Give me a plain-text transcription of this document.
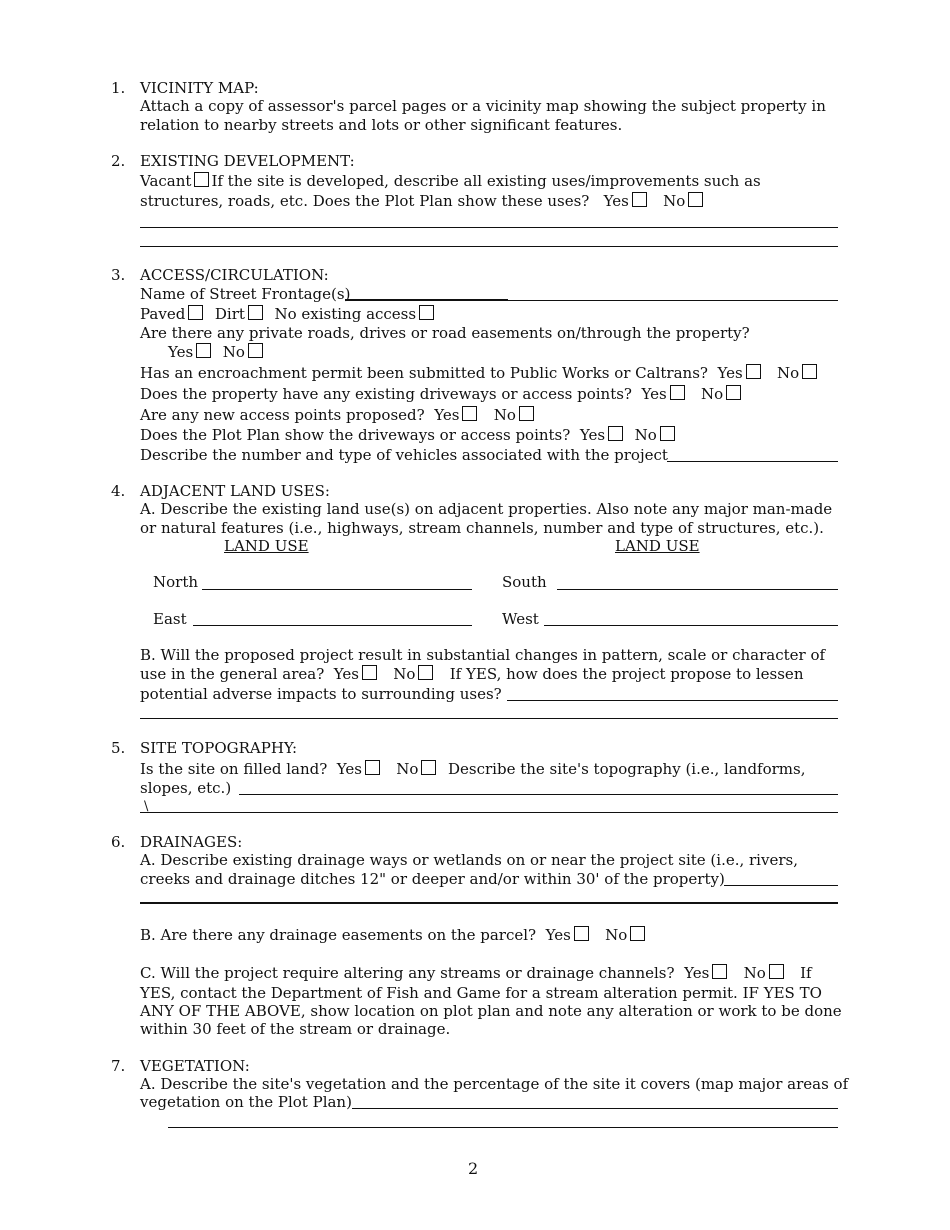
1. VICINITY MAP:
Attach a copy of assessor's parcel pages or a vicinity map showing the subject property in
relation to nearby streets and lots or other significant features.
2. EXISTING DEVELOPMENT:
Vacant If the site is developed, describe all existing uses/improvements such as
structures, roads, etc. Does the Plot Plan show these uses? Yes No
3. ACCESS/CIRCULATION:
Name of Street Frontage(s)
Paved Dirt No existing access
Are there any private roads, drives or road easements on/through the property?
Yes No
Has an encroachment permit been submitted to Public Works or Caltrans? Yes No
Does the property have any existing driveways or access points? Yes No
Are any new access points proposed? Yes No
Does the Plot Plan show the driveways or access points? Yes No
Describe the number and type of vehicles associated with the project
4. ADJACENT LAND USES:
A. Describe the existing land use(s) on adjacent properties. Also note any major man-made
or natural features (i.e., highways, stream channels, number and type of structures, etc.).
LAND USE	LAND USE
North	South
East	West
B. Will the proposed project result in substantial changes in pattern, scale or character of
use in the general area? Yes No If YES, how does the project propose to lessen
potential adverse impacts to surrounding uses?
5. SITE TOPOGRAPHY:
Is the site on filled land? Yes No Describe the site's topography (i.e., landforms,
slopes, etc.)
\
6. DRAINAGES:
A. Describe existing drainage ways or wetlands on or near the project site (i.e., rivers,
creeks and drainage ditches 12" or deeper and/or within 30' of the property)
B. Are there any drainage easements on the parcel? Yes No
C. Will the project require altering any streams or drainage channels? Yes No If
YES, contact the Department of Fish and Game for a stream alteration permit. IF YES TO
ANY OF THE ABOVE, show location on plot plan and note any alteration or work to be done
within 30 feet of the stream or drainage.
7. VEGETATION:
A. Describe the site's vegetation and the percentage of the site it covers (map major areas of
vegetation on the Plot Plan)
2
